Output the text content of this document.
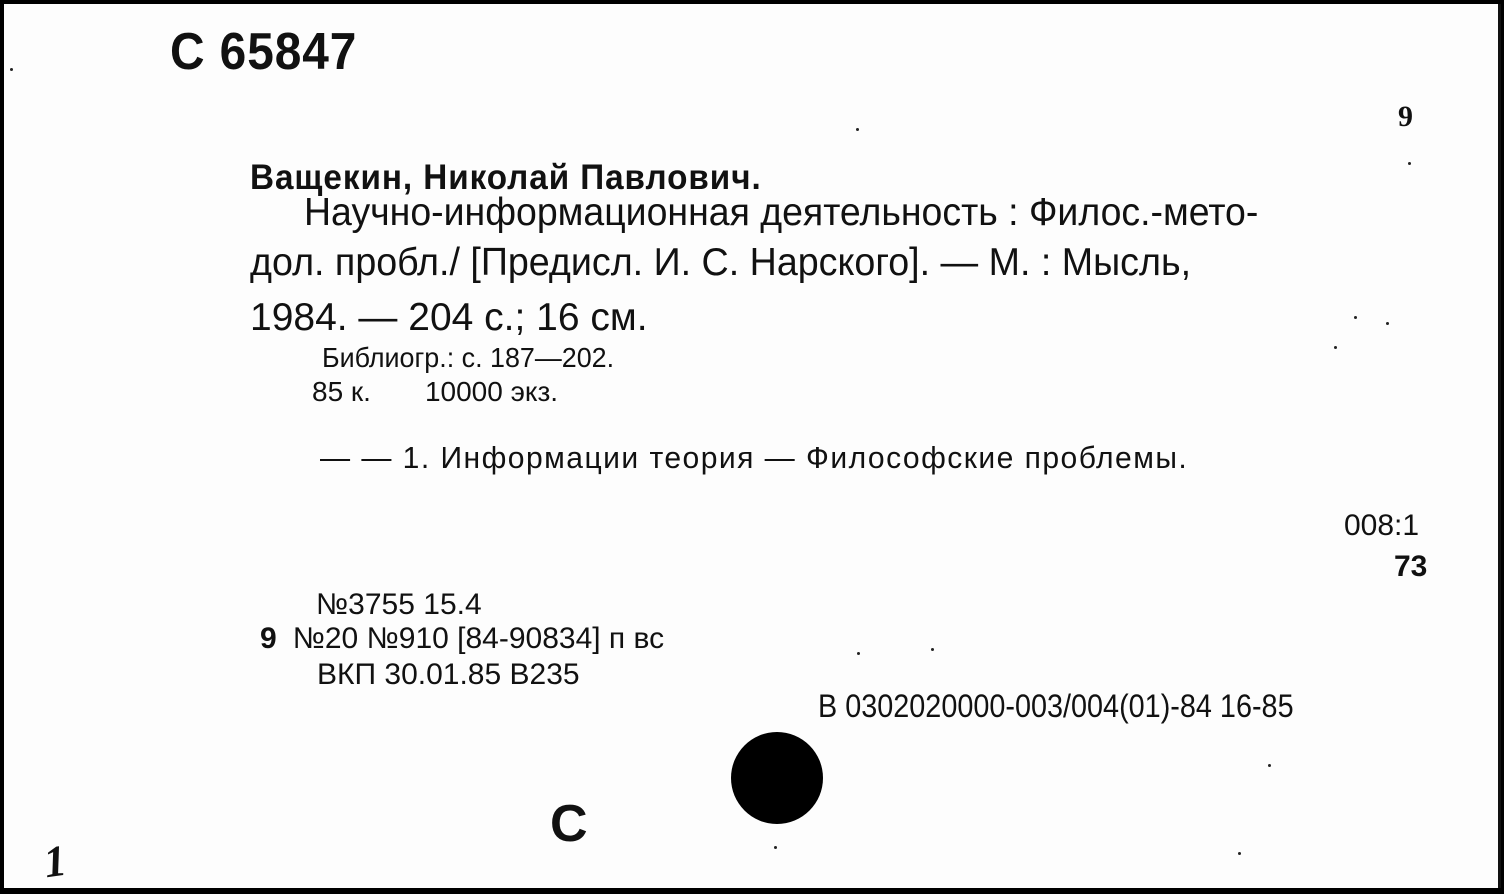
С 65847
9
Ващекин, Николай Павлович.
Научно-информационная деятельность : Филос.-мето-
дол. пробл./ [Предисл. И. С. Нарского]. — М. : Мысль,
1984. — 204 с.; 16 см.
Библиогр.: с. 187—202.
85 к. 10000 экз.
— — 1. Информации теория — Философские проблемы.
008:1
73
№3755 15.4
9 №20 №910 [84-90834] п вс
ВКП 30.01.85 В235
В 0302020000-003/004(01)-84 16-85
С
1
